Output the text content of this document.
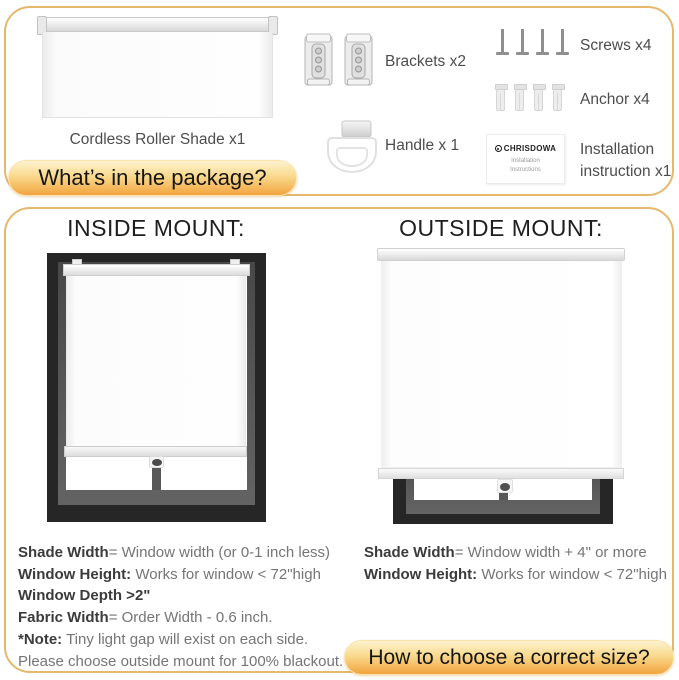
Cordless Roller Shade x1
Brackets x2
Screws x4
Anchor x4
Handle x 1	CHRISDOWA
Installation
Instructions
Installation
instruction x1
What’s in the package?
INSIDE MOUNT:	OUTSIDE MOUNT:
Shade Width= Window width (or 0-1 inch less)
Window Height: Works for window < 72"high
Window Depth >2"
Fabric Width= Order Width - 0.6 inch.
*Note: Tiny light gap will exist on each side.
Please choose outside mount for 100% blackout.
Shade Width= Window width + 4" or more
Window Height: Works for window < 72"high
How to choose a correct size?
